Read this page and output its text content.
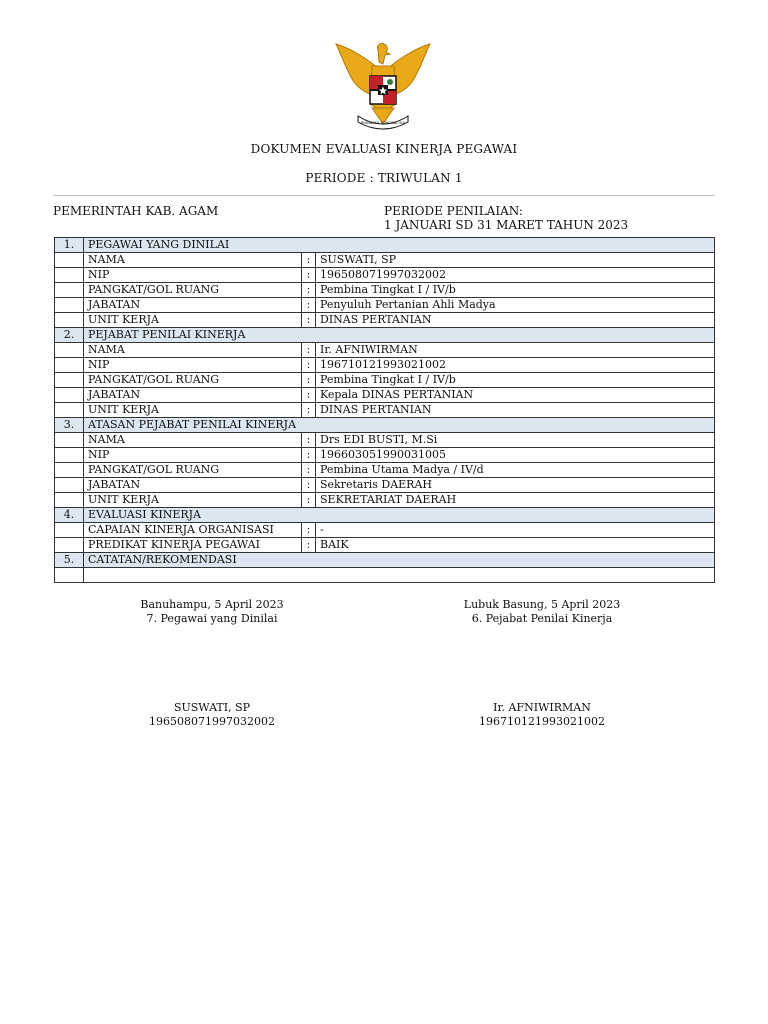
BHINNEKA TUNGGAL IKA
DOKUMEN EVALUASI KINERJA PEGAWAI
PERIODE : TRIWULAN 1
PEMERINTAH KAB. AGAM	PERIODE PENILAIAN:
1 JANUARI SD 31 MARET TAHUN 2023
1.	PEGAWAI YANG DINILAI		
	NAMA	:	SUSWATI, SP
	NIP	:	196508071997032002
	PANGKAT/GOL RUANG	:	Pembina Tingkat I / IV/b
	JABATAN	:	Penyuluh Pertanian Ahli Madya
	UNIT KERJA	:	DINAS PERTANIAN
2.	PEJABAT PENILAI KINERJA		
	NAMA	:	Ir. AFNIWIRMAN
	NIP	:	196710121993021002
	PANGKAT/GOL RUANG	:	Pembina Tingkat I / IV/b
	JABATAN	:	Kepala DINAS PERTANIAN
	UNIT KERJA	:	DINAS PERTANIAN
3.	ATASAN PEJABAT PENILAI KINERJA		
	NAMA	:	Drs EDI BUSTI, M.Si
	NIP	:	196603051990031005
	PANGKAT/GOL RUANG	:	Pembina Utama Madya / IV/d
	JABATAN	:	Sekretaris DAERAH
	UNIT KERJA	:	SEKRETARIAT DAERAH
4.	EVALUASI KINERJA		
	CAPAIAN KINERJA ORGANISASI	:	-
	PREDIKAT KINERJA PEGAWAI	:	BAIK
5.	CATATAN/REKOMENDASI		

Banuhampu, 5 April 2023
7. Pegawai yang Dinilai
SUSWATI, SP
196508071997032002
Lubuk Basung, 5 April 2023
6. Pejabat Penilai Kinerja
Ir. AFNIWIRMAN
196710121993021002
